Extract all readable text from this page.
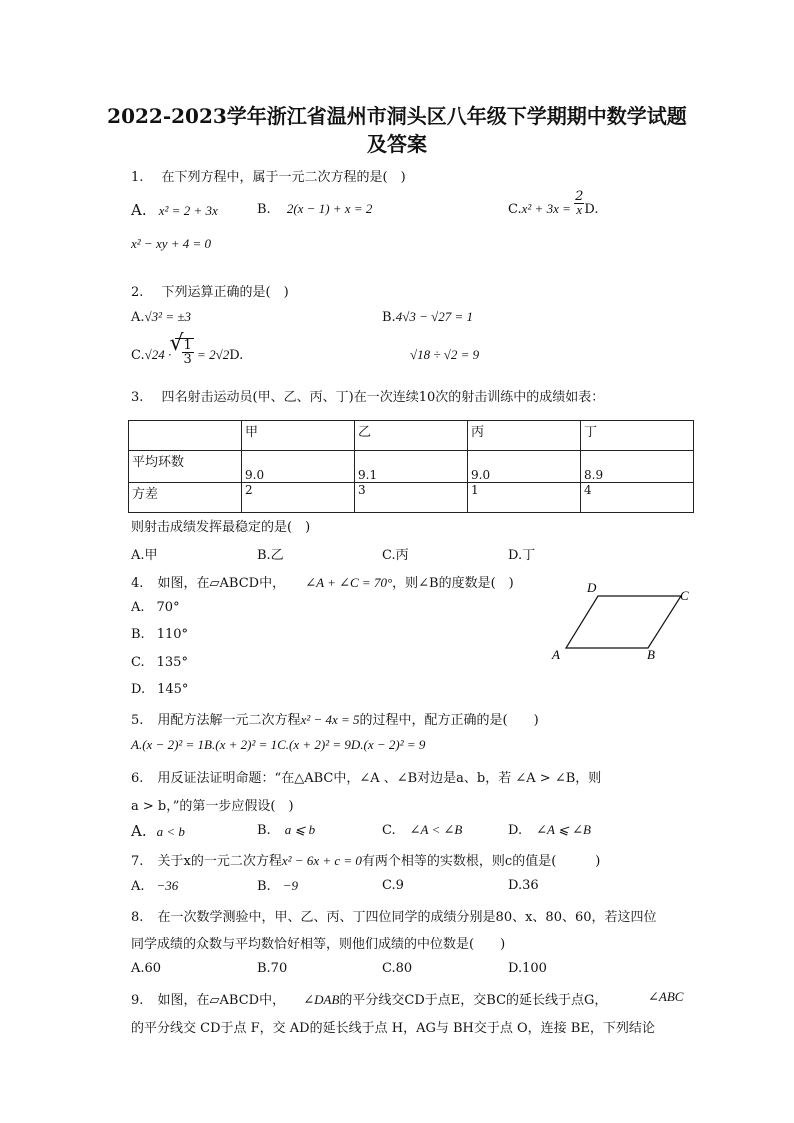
2022-2023学年浙江省温州市洞头区八年级下学期期中数学试题
及答案
1. 在下列方程中，属于一元二次方程的是(　)
A. x² = 2 + 3x	B. 2(x − 1) + x = 2	$C.x^2 + 3x = \frac{2}{x} D$.
x² − xy + 4 = 0
2. 下列运算正确的是(　)
A.√3² = ±3	B.4√3 − √27 = 1
C.√24 ·
√ 1
3 = 2√2D.	√18 ÷ √2 = 9
3. 四名射击运动员(甲、乙、丙、丁)在一次连续10次的射击训练中的成绩如表：
	甲	乙	丙	丁
平均环数	9.0	9.1	9.0	8.9
方差	2	3	1	4
则射击成绩发挥最稳定的是(　)
A.甲	B.乙	C.丙	D.丁
4. 如图，在▱ABCD中， ∠A + ∠C = 70°，则∠B的度数是(　)
A. 70°
B. 110°
C. 135°
D. 145°
A	B
C
D
5. 用配方法解一元二次方程x² − 4x = 5的过程中，配方正确的是(　　)
A.(x − 2)² = 1B.(x + 2)² = 1C.(x + 2)² = 9D.(x − 2)² = 9
6. 用反证法证明命题：“在△ABC中，∠A 、∠B对边是a、b，若 ∠A > ∠B，则
a > b，”的第一步应假设(　)
A. a < b	B. a ⩽ b	C. ∠A < ∠B	D. ∠A ⩽ ∠B
7. 关于x的一元二次方程x² − 6x + c = 0有两个相等的实数根，则c的值是(　　　)
A. −36	B. −9	C.9	D.36
8. 在一次数学测验中，甲、乙、丙、丁四位同学的成绩分别是80、x、80、60，若这四位
同学成绩的众数与平均数恰好相等，则他们成绩的中位数是(　　)
A.60	B.70	C.80	D.100
9. 如图，在▱ABCD中， ∠DAB的平分线交CD于点E，交BC的延长线于点G，	∠ABC
的平分线交 CD于点 F，交 AD的延长线于点 H，AG与 BH交于点 O，连接 BE，下列结论
